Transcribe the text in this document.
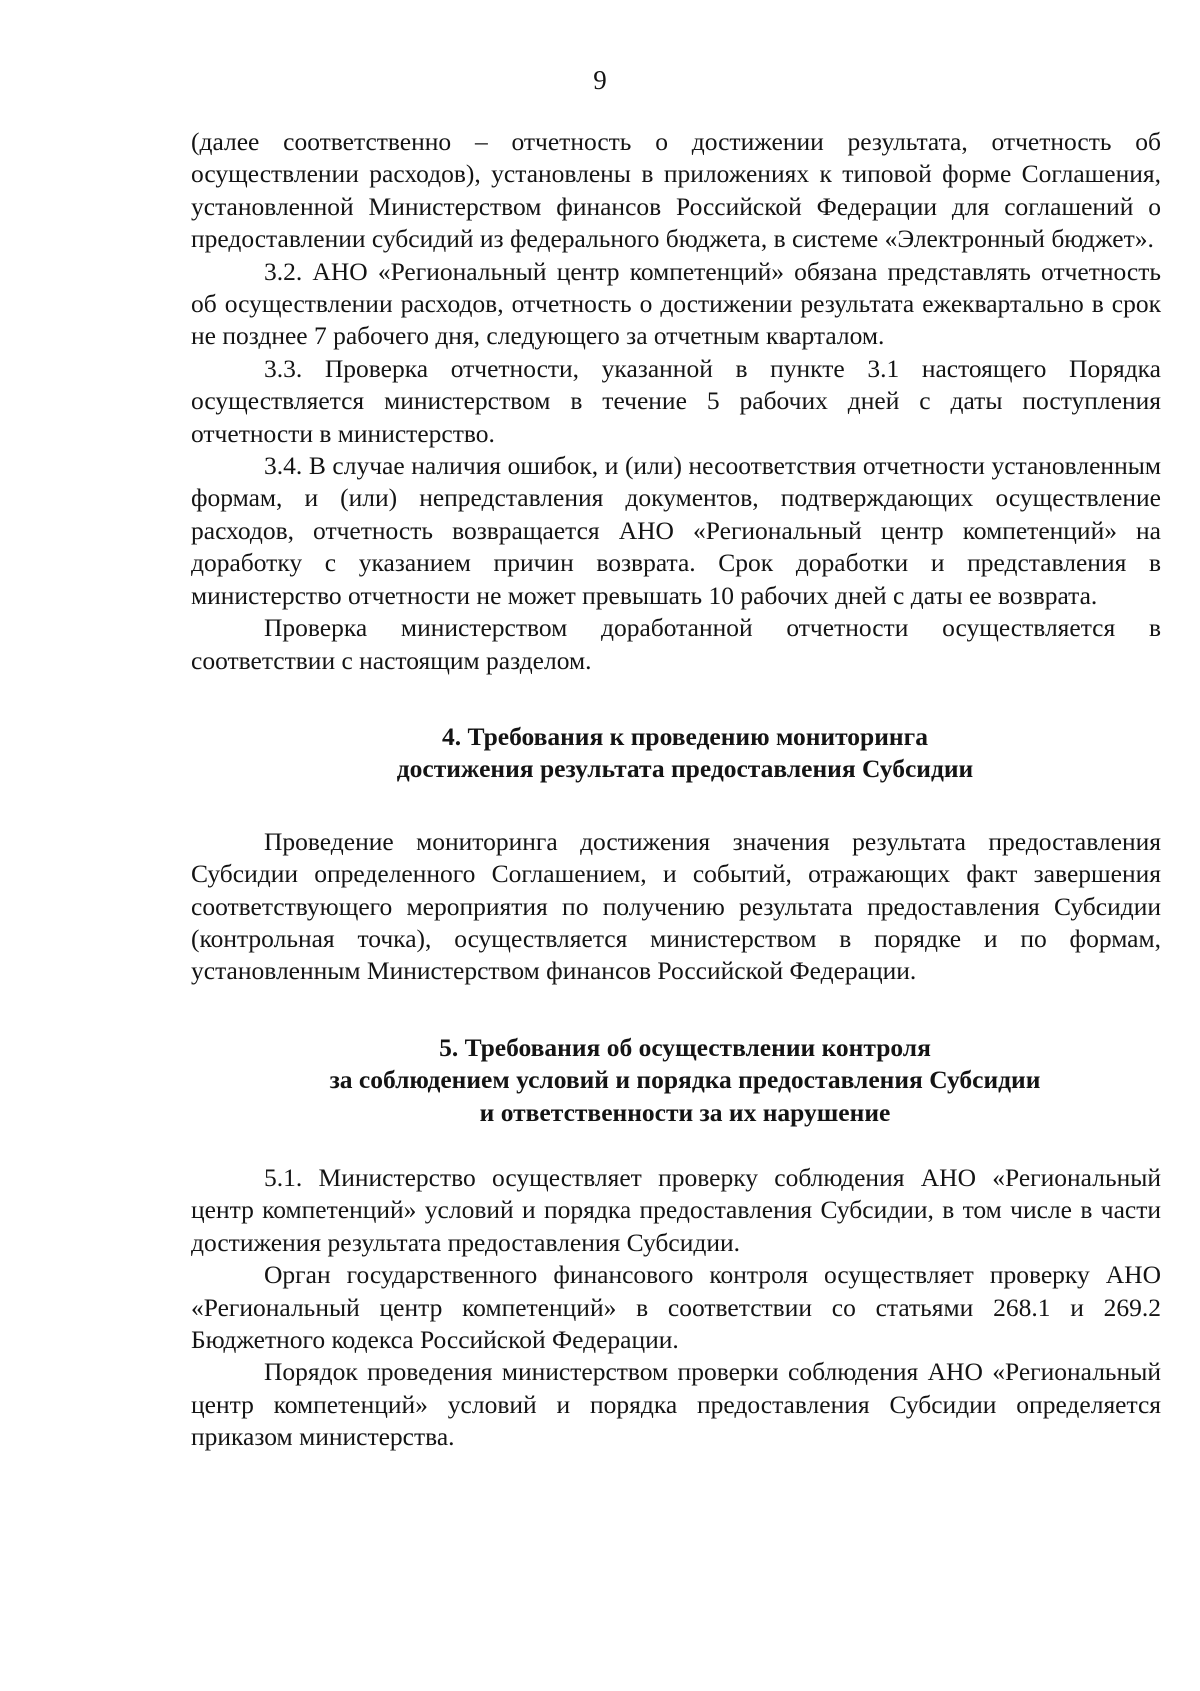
9

(далее соответственно – отчетность о достижении результата, отчетность об осуществлении расходов), установлены в приложениях к типовой форме Соглашения, установленной Министерством финансов Российской Федерации для соглашений о предоставлении субсидий из федерального бюджета, в системе «Электронный бюджет».

3.2. АНО «Региональный центр компетенций» обязана представлять отчетность об осуществлении расходов, отчетность о достижении результата ежеквартально в срок не позднее 7 рабочего дня, следующего за отчетным кварталом.

3.3. Проверка отчетности, указанной в пункте 3.1 настоящего Порядка осуществляется министерством в течение 5 рабочих дней с даты поступления отчетности в министерство.

3.4. В случае наличия ошибок, и (или) несоответствия отчетности установленным формам, и (или) непредставления документов, подтверждающих осуществление расходов, отчетность возвращается АНО «Региональный центр компетенций» на доработку с указанием причин возврата. Срок доработки и представления в министерство отчетности не может превышать 10 рабочих дней с даты ее возврата.

Проверка министерством доработанной отчетности осуществляется в соответствии с настоящим разделом.

4. Требования к проведению мониторинга
достижения результата предоставления Субсидии

Проведение мониторинга достижения значения результата предоставления Субсидии определенного Соглашением, и событий, отражающих факт завершения соответствующего мероприятия по получению результата предоставления Субсидии (контрольная точка), осуществляется министерством в порядке и по формам, установленным Министерством финансов Российской Федерации.

5. Требования об осуществлении контроля
за соблюдением условий и порядка предоставления Субсидии
и ответственности за их нарушение

5.1. Министерство осуществляет проверку соблюдения АНО «Региональный центр компетенций» условий и порядка предоставления Субсидии, в том числе в части достижения результата предоставления Субсидии.

Орган государственного финансового контроля осуществляет проверку АНО «Региональный центр компетенций» в соответствии со статьями 268.1 и 269.2 Бюджетного кодекса Российской Федерации.

Порядок проведения министерством проверки соблюдения АНО «Региональный центр компетенций» условий и порядка предоставления Субсидии определяется приказом министерства.
